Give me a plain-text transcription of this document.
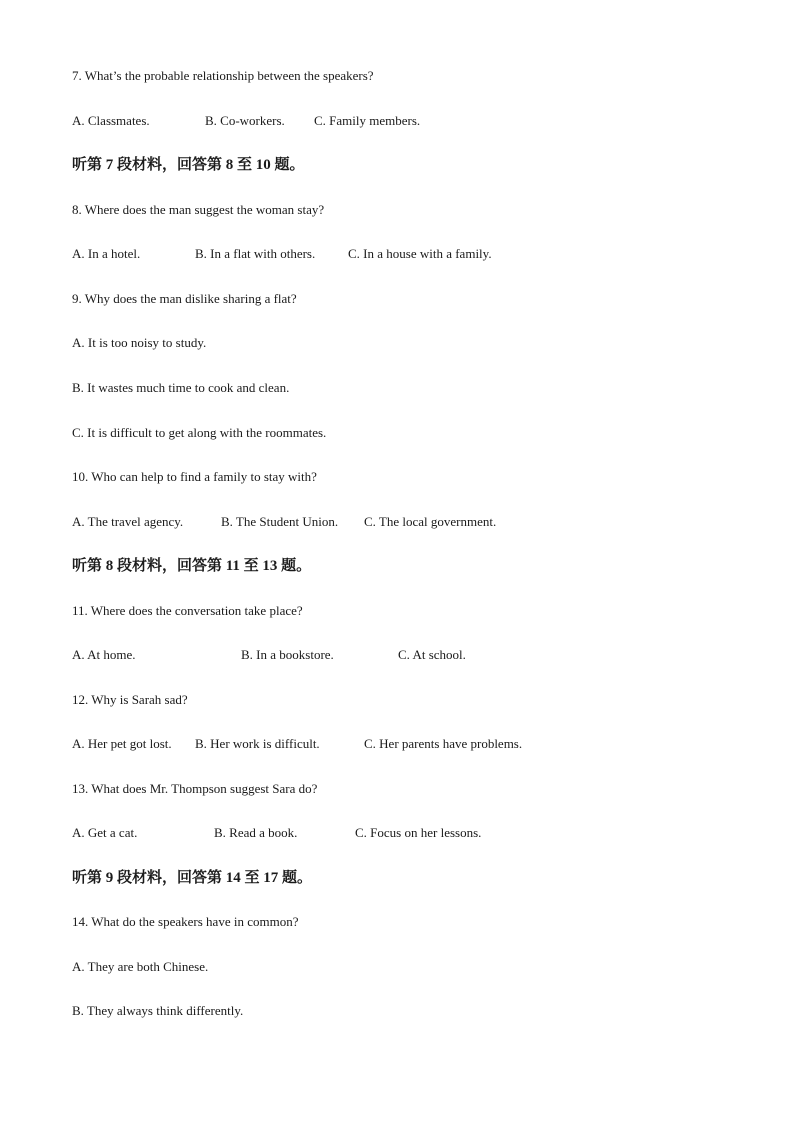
7. What’s the probable relationship between the speakers?
A. Classmates.	B. Co-workers. C. Family members.
听第 7 段材料，回答第 8 至 10 题。
8. Where does the man suggest the woman stay?
A. In a hotel.	B. In a flat with others.	C. In a house with a family.
9. Why does the man dislike sharing a flat?
A. It is too noisy to study.
B. It wastes much time to cook and clean.
C. It is difficult to get along with the roommates.
10. Who can help to find a family to stay with?
A. The travel agency.	B. The Student Union. C. The local government.
听第 8 段材料，回答第 11 至 13 题。
11. Where does the conversation take place?
A. At home.	B. In a bookstore.	C. At school.
12. Why is Sarah sad?
A. Her pet got lost. B. Her work is difficult.	C. Her parents have problems.
13. What does Mr. Thompson suggest Sara do?
A. Get a cat.	B. Read a book.	C. Focus on her lessons.
听第 9 段材料，回答第 14 至 17 题。
14. What do the speakers have in common?
A. They are both Chinese.
B. They always think differently.
